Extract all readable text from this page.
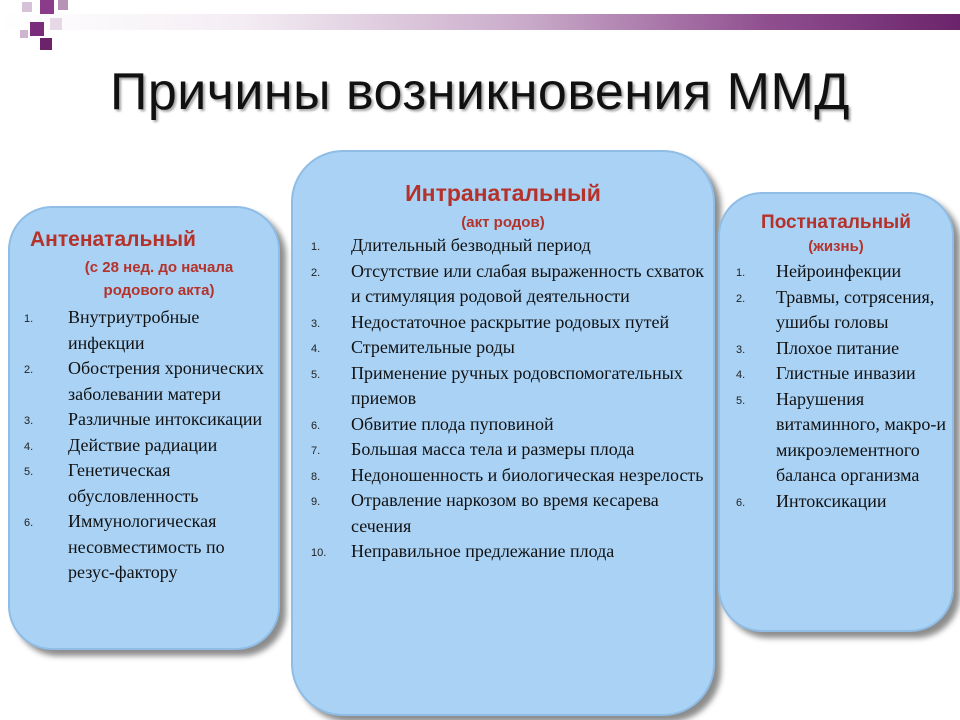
Причины возникновения ММД
Антенатальный
(с 28 нед. до начала
родового акта)
1. Внутриутробные инфекции
2. Обострения хронических заболевании матери
3. Различные интоксикации
4. Действие радиации
5. Генетическая обусловленность
6. Иммунологическая несовместимость по резус-фактору
Интранатальный
(акт родов)
1. Длительный безводный период
2. Отсутствие или слабая выраженность схваток и стимуляция родовой деятельности
3. Недостаточное раскрытие родовых путей
4. Стремительные роды
5. Применение ручных родовспомогательных приемов
6. Обвитие плода пуповиной
7. Большая масса тела и размеры плода
8. Недоношенность и биологическая незрелость
9. Отравление наркозом во время кесарева сечения
10. Неправильное предлежание плода
Постнатальный
(жизнь)
1. Нейроинфекции
2. Травмы, сотрясения, ушибы головы
3. Плохое питание
4. Глистные инвазии
5. Нарушения витаминного, макро-и микроэлементного баланса организма
6. Интоксикации
